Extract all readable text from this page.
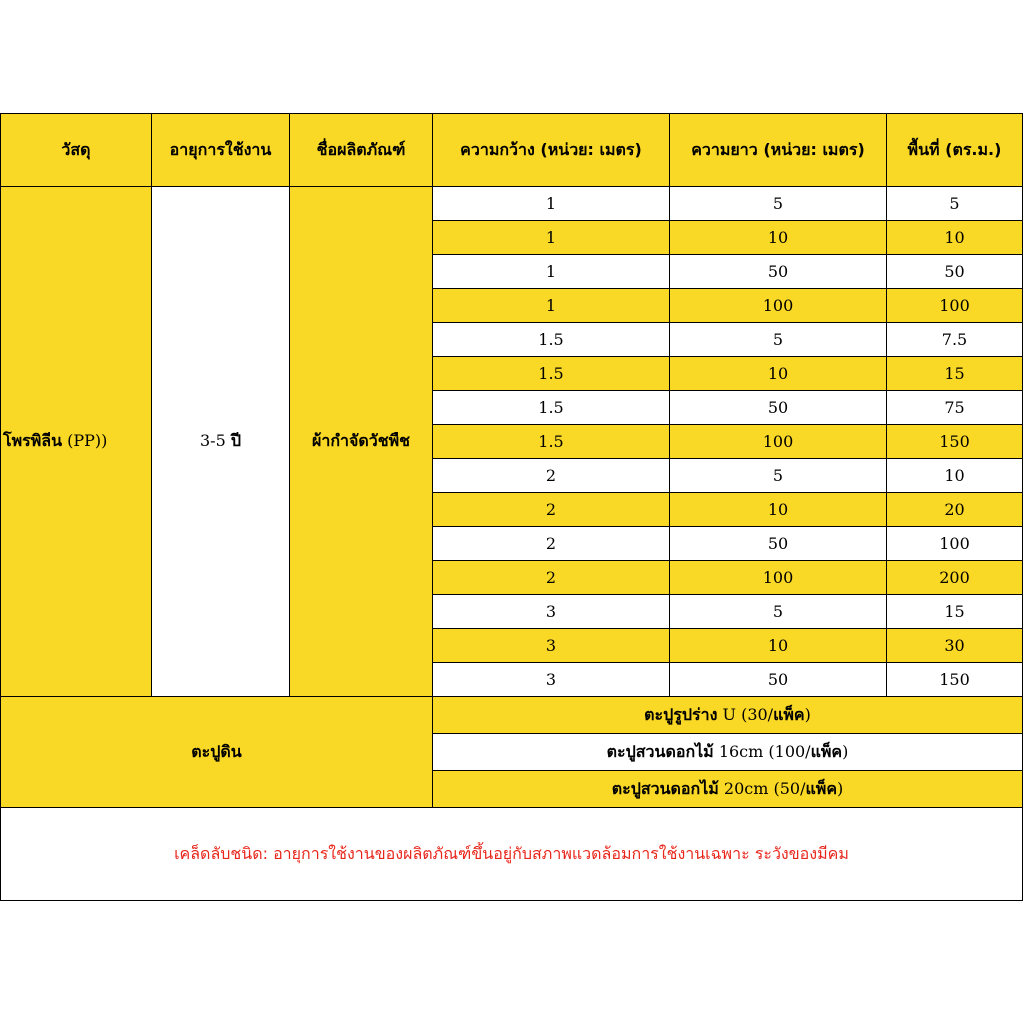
วัสดุ	อายุการใช้งาน	ชื่อผลิตภัณฑ์	ความกว้าง (หน่วย: เมตร)	ความยาว (หน่วย: เมตร)	พื้นที่ (ตร.ม.)
โพรพิลีน (PP))	3-5 ปี	ผ้ากำจัดวัชพืช	1	5	5
			1	10	10
			1	50	50
			1	100	100
			1.5	5	7.5
			1.5	10	15
			1.5	50	75
			1.5	100	150
			2	5	10
			2	10	20
			2	50	100
			2	100	200
			3	5	15
			3	10	30
			3	50	150
ตะปูดิน			ตะปูรูปร่าง U (30/แพ็ค)		
			ตะปูสวนดอกไม้ 16cm (100/แพ็ค)		
			ตะปูสวนดอกไม้ 20cm (50/แพ็ค)		
เคล็ดลับชนิด: อายุการใช้งานของผลิตภัณฑ์ขึ้นอยู่กับสภาพแวดล้อมการใช้งานเฉพาะ ระวังของมีคม					
